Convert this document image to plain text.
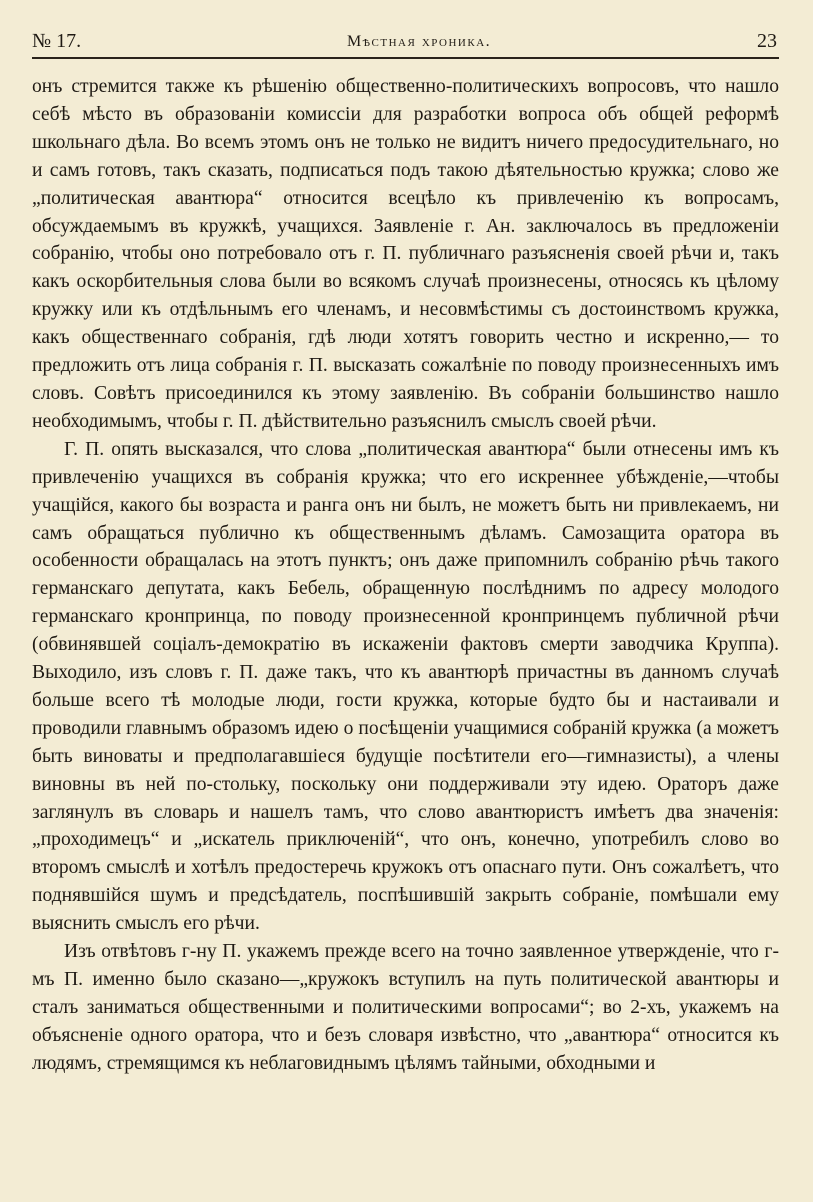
№ 17.	Мѣстная хроника.	23

онъ стремится также къ рѣшенію общественно-политическихъ вопросовъ, что нашло себѣ мѣсто въ образованіи комиссіи для разработки вопроса объ общей реформѣ школьнаго дѣла. Во всемъ этомъ онъ не только не видитъ ничего предосудительнаго, но и самъ готовъ, такъ сказать, подписаться подъ такою дѣятельностью кружка; слово же „политическая авантюра“ относится всецѣло къ привлеченію къ вопросамъ, обсуждаемымъ въ кружкѣ, учащихся. Заявленіе г. Ан. заключалось въ предложеніи собранію, чтобы оно потребовало отъ г. П. публичнаго разъясненія своей рѣчи и, такъ какъ оскорбительныя слова были во всякомъ случаѣ произнесены, относясь къ цѣлому кружку или къ отдѣльнымъ его членамъ, и несовмѣстимы съ достоинствомъ кружка, какъ общественнаго собранія, гдѣ люди хотятъ говорить честно и искренно,— то предложить отъ лица собранія г. П. высказать сожалѣніе по поводу произнесенныхъ имъ словъ. Совѣтъ присоединился къ этому заявленію. Въ собраніи большинство нашло необходимымъ, чтобы г. П. дѣйствительно разъяснилъ смыслъ своей рѣчи.

Г. П. опять высказался, что слова „политическая авантюра“ были отнесены имъ къ привлеченію учащихся въ собранія кружка; что его искреннее убѣжденіе,—чтобы учащійся, какого бы возраста и ранга онъ ни былъ, не можетъ быть ни привлекаемъ, ни самъ обращаться публично къ общественнымъ дѣламъ. Самозащита оратора въ особенности обращалась на этотъ пунктъ; онъ даже припомнилъ собранію рѣчь такого германскаго депутата, какъ Бебель, обращенную послѣднимъ по адресу молодого германскаго кронпринца, по поводу произнесенной кронпринцемъ публичной рѣчи (обвинявшей соціалъ-демократію въ искаженіи фактовъ смерти заводчика Круппа). Выходило, изъ словъ г. П. даже такъ, что къ авантюрѣ причастны въ данномъ случаѣ больше всего тѣ молодые люди, гости кружка, которые будто бы и настаивали и проводили главнымъ образомъ идею о посѣщеніи учащимися собраній кружка (а можетъ быть виноваты и предполагавшіеся будущіе посѣтители его—гимназисты), а члены виновны въ ней по-стольку, поскольку они поддерживали эту идею. Ораторъ даже заглянулъ въ словарь и нашелъ тамъ, что слово авантюристъ имѣетъ два значенія: „проходимецъ“ и „искатель приключеній“, что онъ, конечно, употребилъ слово во второмъ смыслѣ и хотѣлъ предостеречь кружокъ отъ опаснаго пути. Онъ сожалѣетъ, что поднявшійся шумъ и предсѣдатель, поспѣшившій закрыть собраніе, помѣшали ему выяснить смыслъ его рѣчи.

Изъ отвѣтовъ г-ну П. укажемъ прежде всего на точно заявленное утвержденіе, что г-мъ П. именно было сказано—„кружокъ вступилъ на путь политической авантюры и сталъ заниматься общественными и политическими вопросами“; во 2-хъ, укажемъ на объясненіе одного оратора, что и безъ словаря извѣстно, что „авантюра“ относится къ людямъ, стремящимся къ неблаговиднымъ цѣлямъ тайными, обходными и
